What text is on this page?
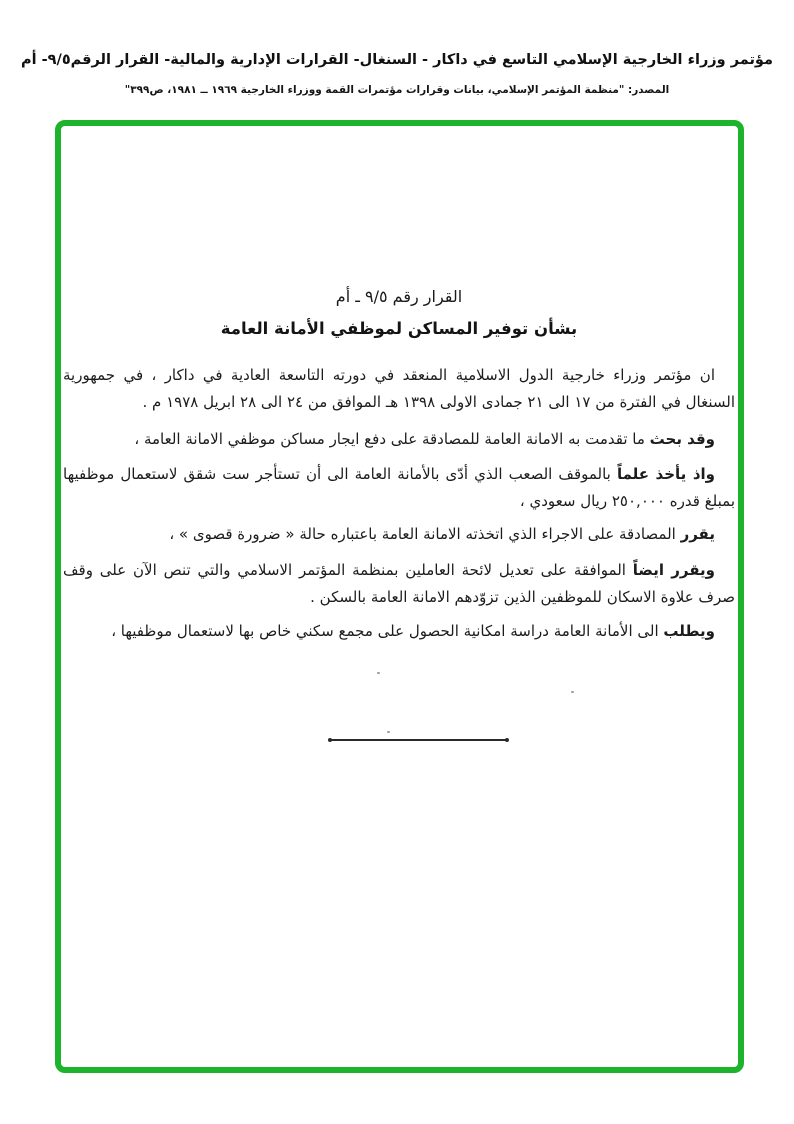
مؤتمر وزراء الخارجية الإسلامي التاسع في داكار - السنغال- القرارات الإدارية والمالية- القرار الرقم٩/٥- أم
المصدر: "منظمة المؤتمر الإسلامي، بيانات وقرارات مؤتمرات القمة ووزراء الخارجية ١٩٦٩ ــ ١٩٨١، ص٣٩٩"
القرار رقم ٩/٥ ـ أم
بشأن توفير المساكن لموظفي الأمانة العامة

ان مؤتمر وزراء خارجية الدول الاسلامية المنعقد في دورته التاسعة العادية في داكار ، في جمهورية السنغال في الفترة من ١٧ الى ٢١ جمادى الاولى ١٣٩٨ هـ الموافق من ٢٤ الى ٢٨ ابريل ١٩٧٨ م .

وقد بحث ما تقدمت به الامانة العامة للمصادقة على دفع ايجار مساكن موظفي الامانة العامة ،

واذ يأخذ علماً بالموقف الصعب الذي أدّى بالأمانة العامة الى أن تستأجر ست شقق لاستعمال موظفيها بمبلغ قدره ٢٥٠,٠٠٠ ريال سعودي ،

يقرر المصادقة على الاجراء الذي اتخذته الامانة العامة باعتباره حالة « ضرورة قصوى » ،

ويقرر ايضاً الموافقة على تعديل لائحة العاملين بمنظمة المؤتمر الاسلامي والتي تنص الآن على وقف صرف علاوة الاسكان للموظفين الذين تزوّدهم الامانة العامة بالسكن .

ويطلب الى الأمانة العامة دراسة امكانية الحصول على مجمع سكني خاص بها لاستعمال موظفيها ،
